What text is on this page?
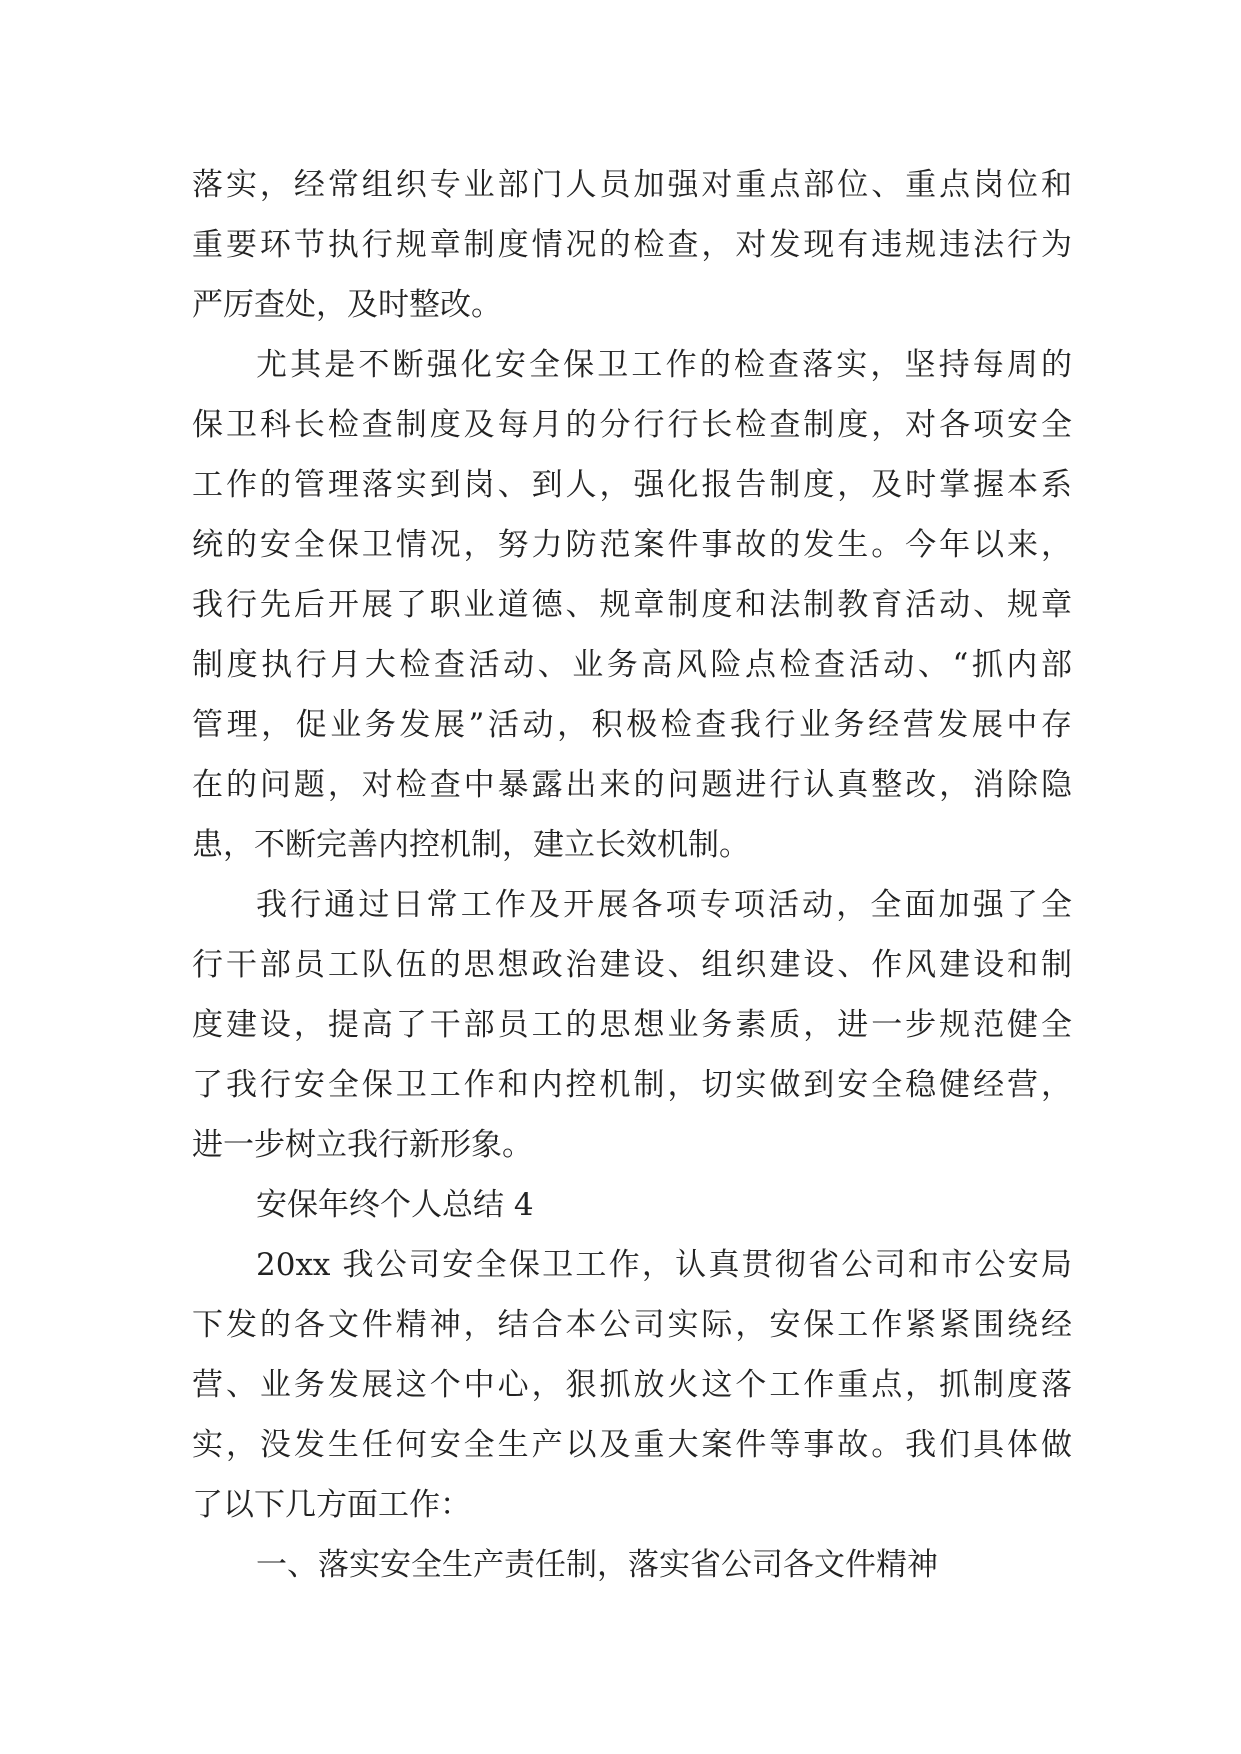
落实，经常组织专业部门人员加强对重点部位、重点岗位和

重要环节执行规章制度情况的检查，对发现有违规违法行为

严厉查处，及时整改。

尤其是不断强化安全保卫工作的检查落实，坚持每周的

保卫科长检查制度及每月的分行行长检查制度，对各项安全

工作的管理落实到岗、到人，强化报告制度，及时掌握本系

统的安全保卫情况，努力防范案件事故的发生。今年以来，

我行先后开展了职业道德、规章制度和法制教育活动、规章

制度执行月大检查活动、业务高风险点检查活动、“抓内部

管理，促业务发展”活动，积极检查我行业务经营发展中存

在的问题，对检查中暴露出来的问题进行认真整改，消除隐

患，不断完善内控机制，建立长效机制。

我行通过日常工作及开展各项专项活动，全面加强了全

行干部员工队伍的思想政治建设、组织建设、作风建设和制

度建设，提高了干部员工的思想业务素质，进一步规范健全

了我行安全保卫工作和内控机制，切实做到安全稳健经营，

进一步树立我行新形象。

安保年终个人总结 4

20xx 我公司安全保卫工作，认真贯彻省公司和市公安局

下发的各文件精神，结合本公司实际，安保工作紧紧围绕经

营、业务发展这个中心，狠抓放火这个工作重点，抓制度落

实，没发生任何安全生产以及重大案件等事故。我们具体做

了以下几方面工作：

一、落实安全生产责任制，落实省公司各文件精神
